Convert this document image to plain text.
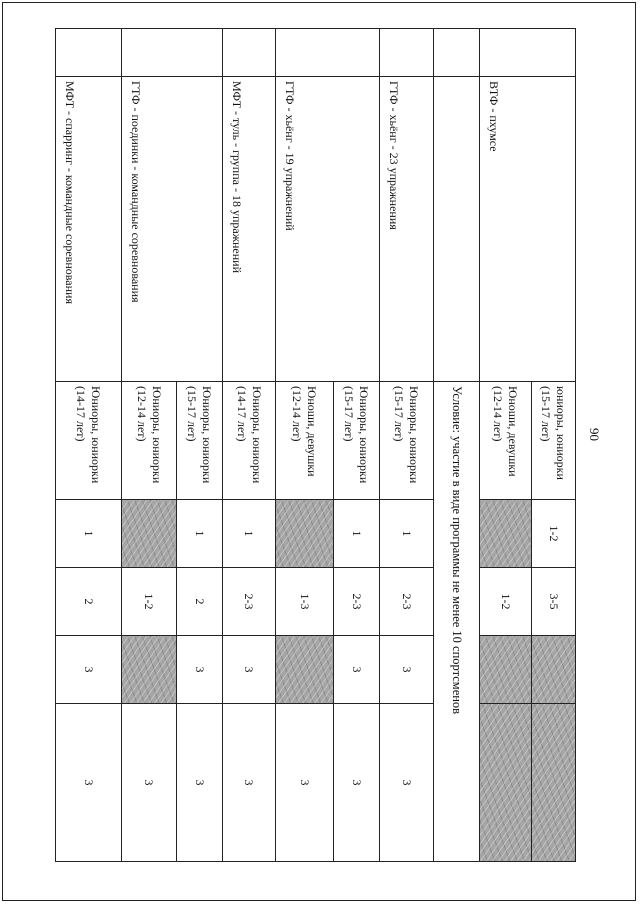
90
	ВТФ - пхумсе	юниоры, юниорки (15-17 лет)	1-2	3-5		
		Юноши, девушки (12-14 лет)		1-2		
		Условие: участие в виде программы не менее 10 спортсменов				
	ГТФ - хьёнг - 23 упражнения	Юниоры, юниорки (15-17 лет)	1	2-3	3	3
	ГТФ - хьёнг - 19 упражнений	Юниоры, юниорки (15-17 лет)	1	2-3	3	3
		Юноши, девушки (12-14 лет)		1-3		3
	МФТ - туль - группа - 18 упражнений	Юниоры, юниорки (14-17 лет)	1	2-3	3	3
	ГТФ - поединки - командные соревнования	Юниоры, юниорки (15-17 лет)	1	2	3	3
		Юниоры, юниорки (12-14 лет)		1-2		3
	МФТ - спарринг - командные соревнования	Юниоры, юниорки (14-17 лет)	1	2	3	3
